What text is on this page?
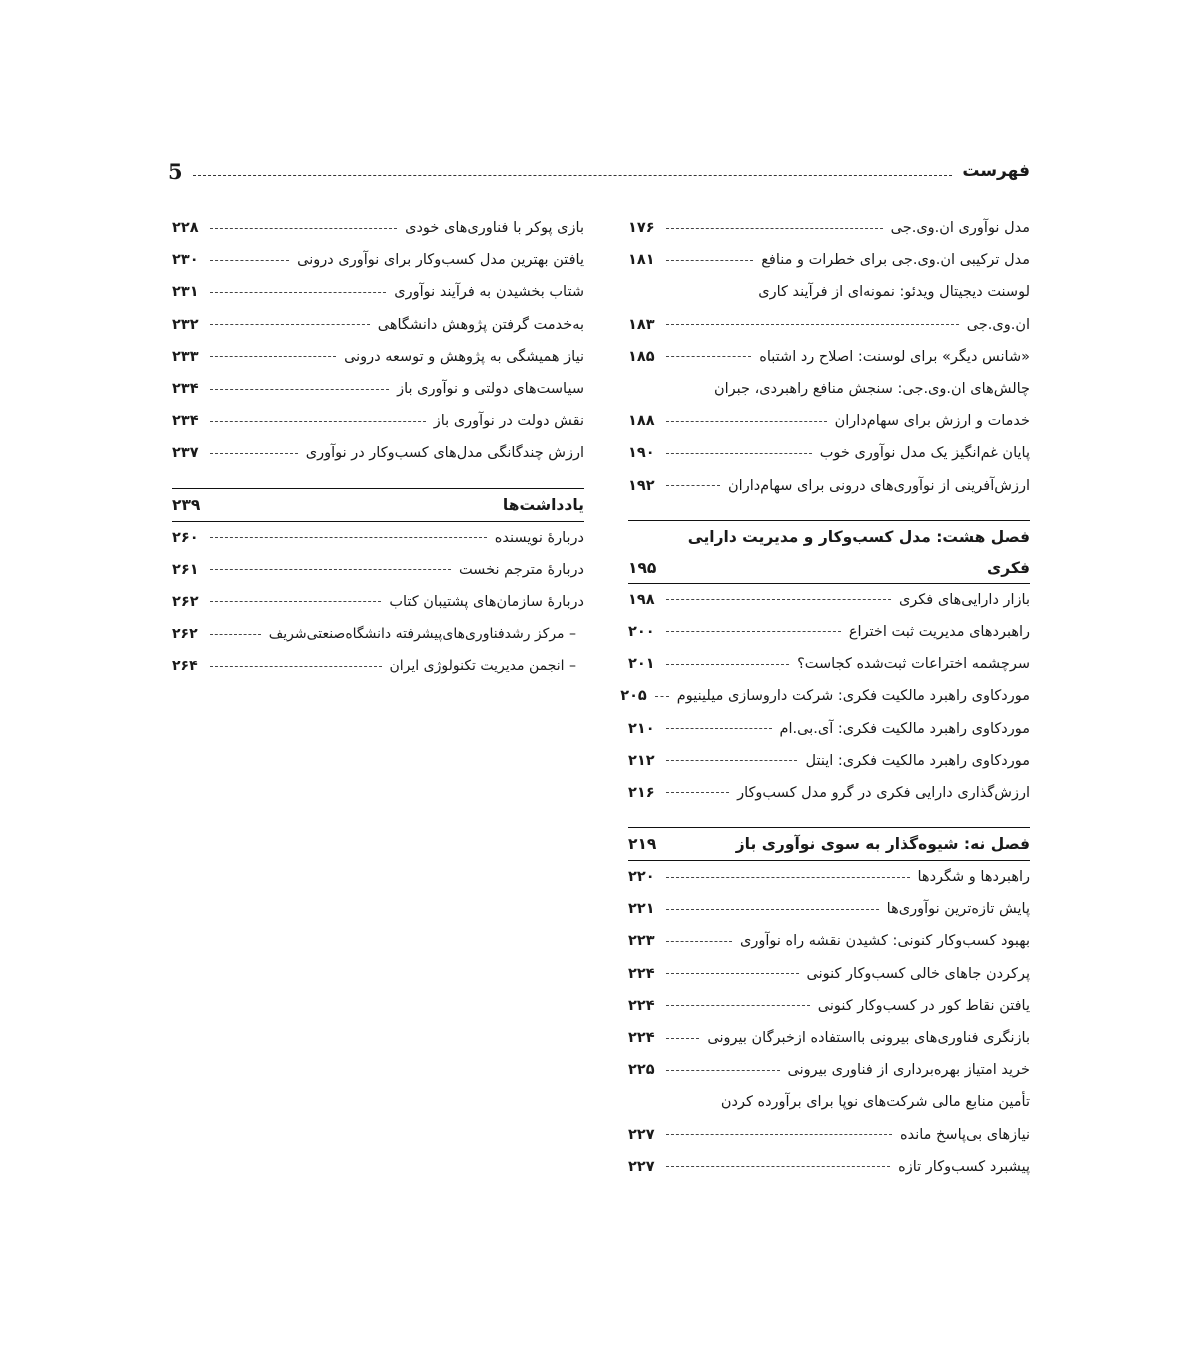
فهرست
5
مدل نوآوری ان.وی.جی
۱۷۶
مدل ترکیبی ان.وی.جی برای خطرات و منافع
۱۸۱
لوسنت دیجیتال ویدئو: نمونه‌ای از فرآیند کاری
ان.وی.جی
۱۸۳
«شانس دیگر» برای لوسنت: اصلاح رد اشتباه
۱۸۵
چالش‌های ان.وی.جی: سنجش منافع راهبردی، جبران
خدمات و ارزش برای سهام‌داران
۱۸۸
پایان غم‌انگیز یک مدل نوآوری خوب
۱۹۰
ارزش‌آفرینی از نوآوری‌های درونی برای سهام‌داران
۱۹۲
فصل هشت: مدل کسب‌وکار و مدیریت دارایی
فکری
۱۹۵
بازار دارایی‌های فکری
۱۹۸
راهبردهای مدیریت ثبت اختراع
۲۰۰
سرچشمه اختراعات ثبت‌شده کجاست؟
۲۰۱
موردکاوی راهبرد مالکیت فکری: شرکت داروسازی میلینیوم
۲۰۵
موردکاوی راهبرد مالکیت فکری: آی.بی.ام
۲۱۰
موردکاوی راهبرد مالکیت فکری: اینتل
۲۱۲
ارزش‌گذاری دارایی فکری در گرو مدل کسب‌وکار
۲۱۶
فصل نه: شیوه‌گذار به سوی نوآوری باز
۲۱۹
راهبردها و شگردها
۲۲۰
پایش تازه‌ترین نوآوری‌ها
۲۲۱
بهبود کسب‌وکار کنونی: کشیدن نقشه راه نوآوری
۲۲۳
پرکردن جاهای خالی کسب‌وکار کنونی
۲۲۴
یافتن نقاط کور در کسب‌وکار کنونی
۲۲۴
بازنگری فناوری‌های بیرونی بااستفاده ازخبرگان بیرونی
۲۲۴
خرید امتیاز بهره‌برداری از فناوری بیرونی
۲۲۵
تأمین منابع مالی شرکت‌های نوپا برای برآورده کردن
نیازهای بی‌پاسخ مانده
۲۲۷
پیشبرد کسب‌وکار تازه
۲۲۷
بازی پوکر با فناوری‌های خودی
۲۲۸
یافتن بهترین مدل کسب‌وکار برای نوآوری درونی
۲۳۰
شتاب بخشیدن به فرآیند نوآوری
۲۳۱
به‌خدمت گرفتن پژوهش دانشگاهی
۲۳۲
نیاز همیشگی به پژوهش و توسعه درونی
۲۳۳
سیاست‌های دولتی و نوآوری باز
۲۳۴
نقش دولت در نوآوری باز
۲۳۴
ارزش چندگانگی مدل‌های کسب‌وکار در نوآوری
۲۳۷
یادداشت‌ها
۲۳۹
دربارهٔ نویسنده
۲۶۰
دربارهٔ مترجم نخست
۲۶۱
دربارهٔ سازمان‌های پشتیبان کتاب
۲۶۲
– مرکز رشدفناوری‌های‌پیشرفته دانشگاه‌صنعتی‌شریف
۲۶۲
– انجمن مدیریت تکنولوژی ایران
۲۶۴
